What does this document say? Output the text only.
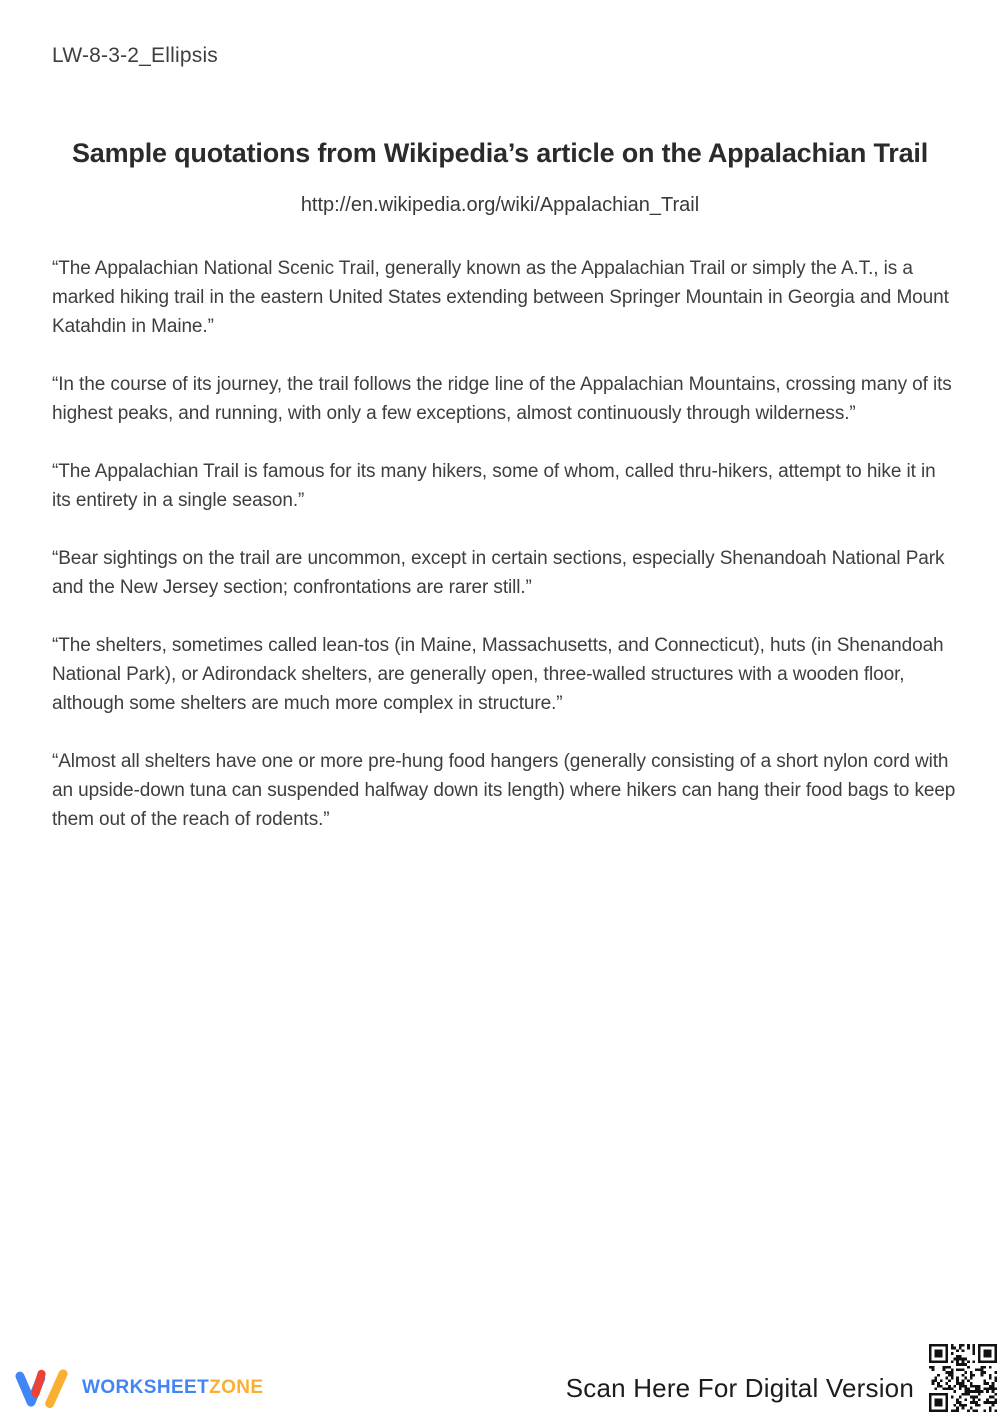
LW-8-3-2_Ellipsis
Sample quotations from Wikipedia’s article on the Appalachian Trail
http://en.wikipedia.org/wiki/Appalachian_Trail

“The Appalachian National Scenic Trail, generally known as the Appalachian Trail or simply the A.T., is a marked hiking trail in the eastern United States extending between Springer Mountain in Georgia and Mount Katahdin in Maine.”

“In the course of its journey, the trail follows the ridge line of the Appalachian Mountains, crossing many of its highest peaks, and running, with only a few exceptions, almost continuously through wilderness.”

“The Appalachian Trail is famous for its many hikers, some of whom, called thru-hikers, attempt to hike it in its entirety in a single season.”

“Bear sightings on the trail are uncommon, except in certain sections, especially Shenandoah National Park and the New Jersey section; confrontations are rarer still.”

“The shelters, sometimes called lean-tos (in Maine, Massachusetts, and Connecticut), huts (in Shenandoah National Park), or Adirondack shelters, are generally open, three-walled structures with a wooden floor, although some shelters are much more complex in structure.”

“Almost all shelters have one or more pre-hung food hangers (generally consisting of a short nylon cord with an upside-down tuna can suspended halfway down its length) where hikers can hang their food bags to keep them out of the reach of rodents.”

WORKSHEETZONE	Scan Here For Digital Version
